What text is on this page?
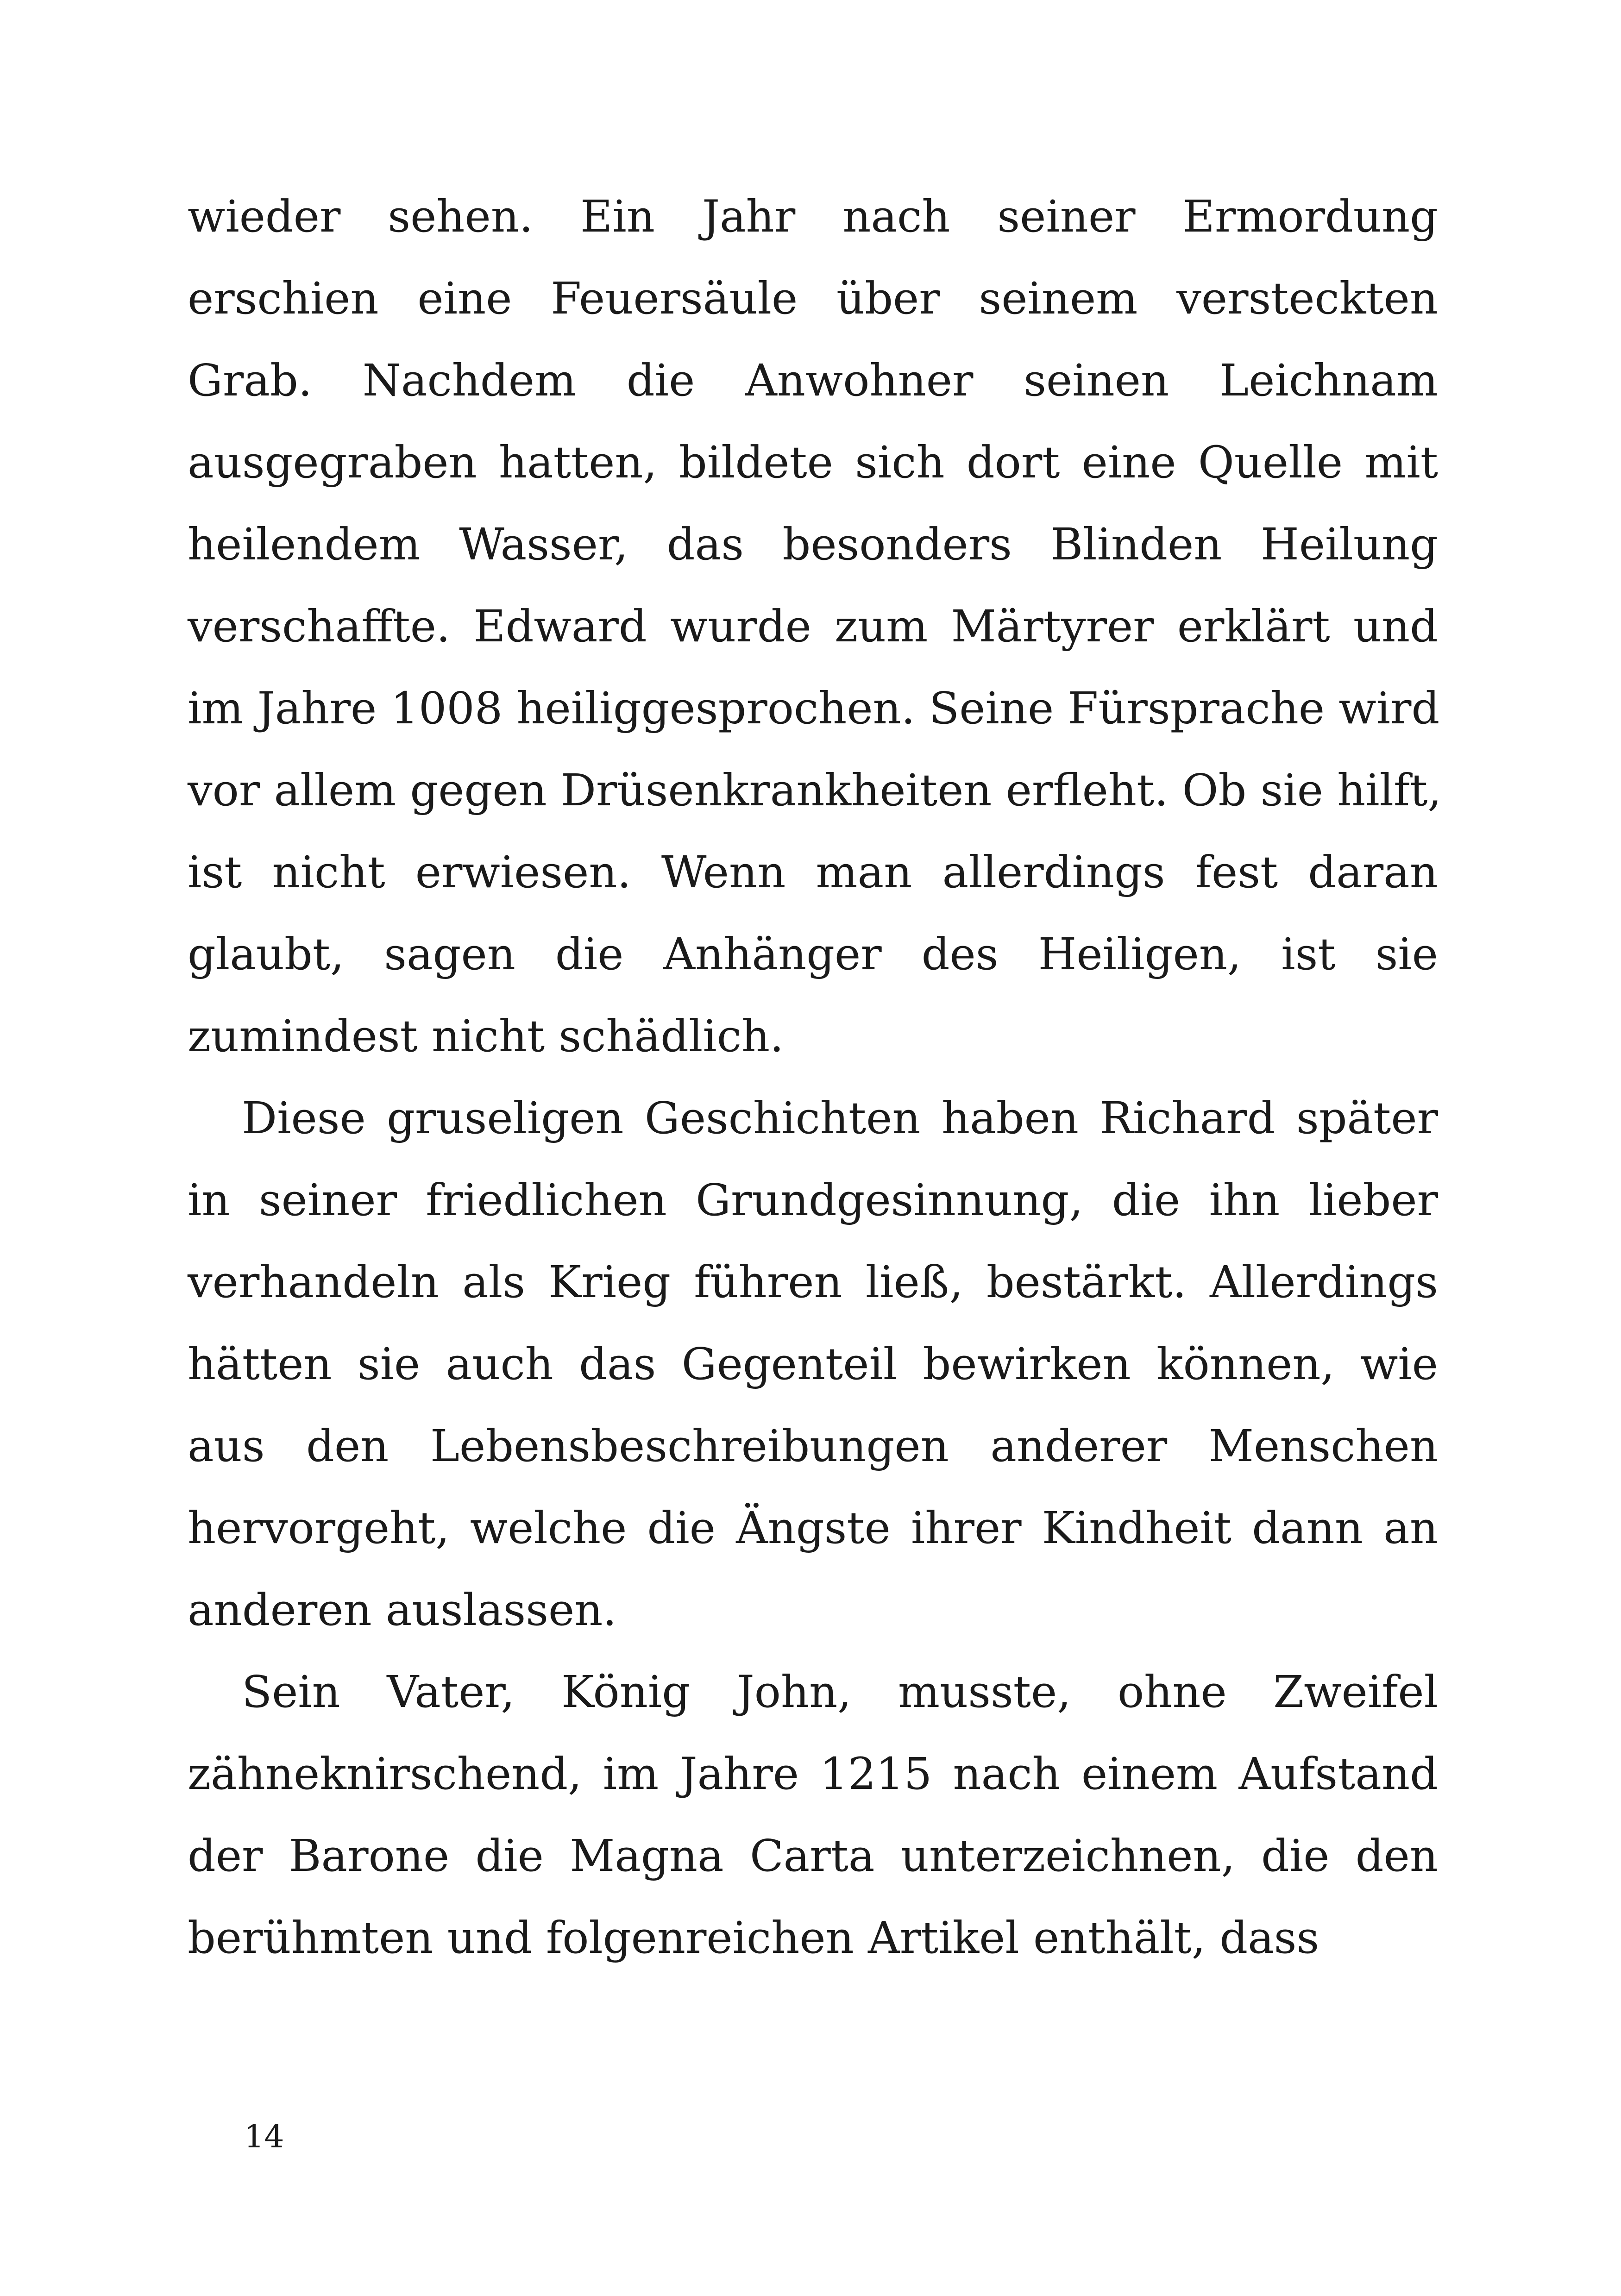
wieder sehen. Ein Jahr nach seiner Ermordung
erschien eine Feuersäule über seinem versteckten
Grab. Nachdem die Anwohner seinen Leichnam
ausgegraben hatten, bildete sich dort eine Quelle mit
heilendem Wasser, das besonders Blinden Heilung
verschaffte. Edward wurde zum Märtyrer erklärt und
im Jahre 1008 heiliggesprochen. Seine Fürsprache wird
vor allem gegen Drüsenkrankheiten erfleht. Ob sie hilft,
ist nicht erwiesen. Wenn man allerdings fest daran
glaubt, sagen die Anhänger des Heiligen, ist sie
zumindest nicht schädlich.
Diese gruseligen Geschichten haben Richard später
in seiner friedlichen Grundgesinnung, die ihn lieber
verhandeln als Krieg führen ließ, bestärkt. Allerdings
hätten sie auch das Gegenteil bewirken können, wie
aus den Lebensbeschreibungen anderer Menschen
hervorgeht, welche die Ängste ihrer Kindheit dann an
anderen auslassen.
Sein Vater, König John, musste, ohne Zweifel
zähneknirschend, im Jahre 1215 nach einem Aufstand
der Barone die Magna Carta unterzeichnen, die den
berühmten und folgenreichen Artikel enthält, dass
14
